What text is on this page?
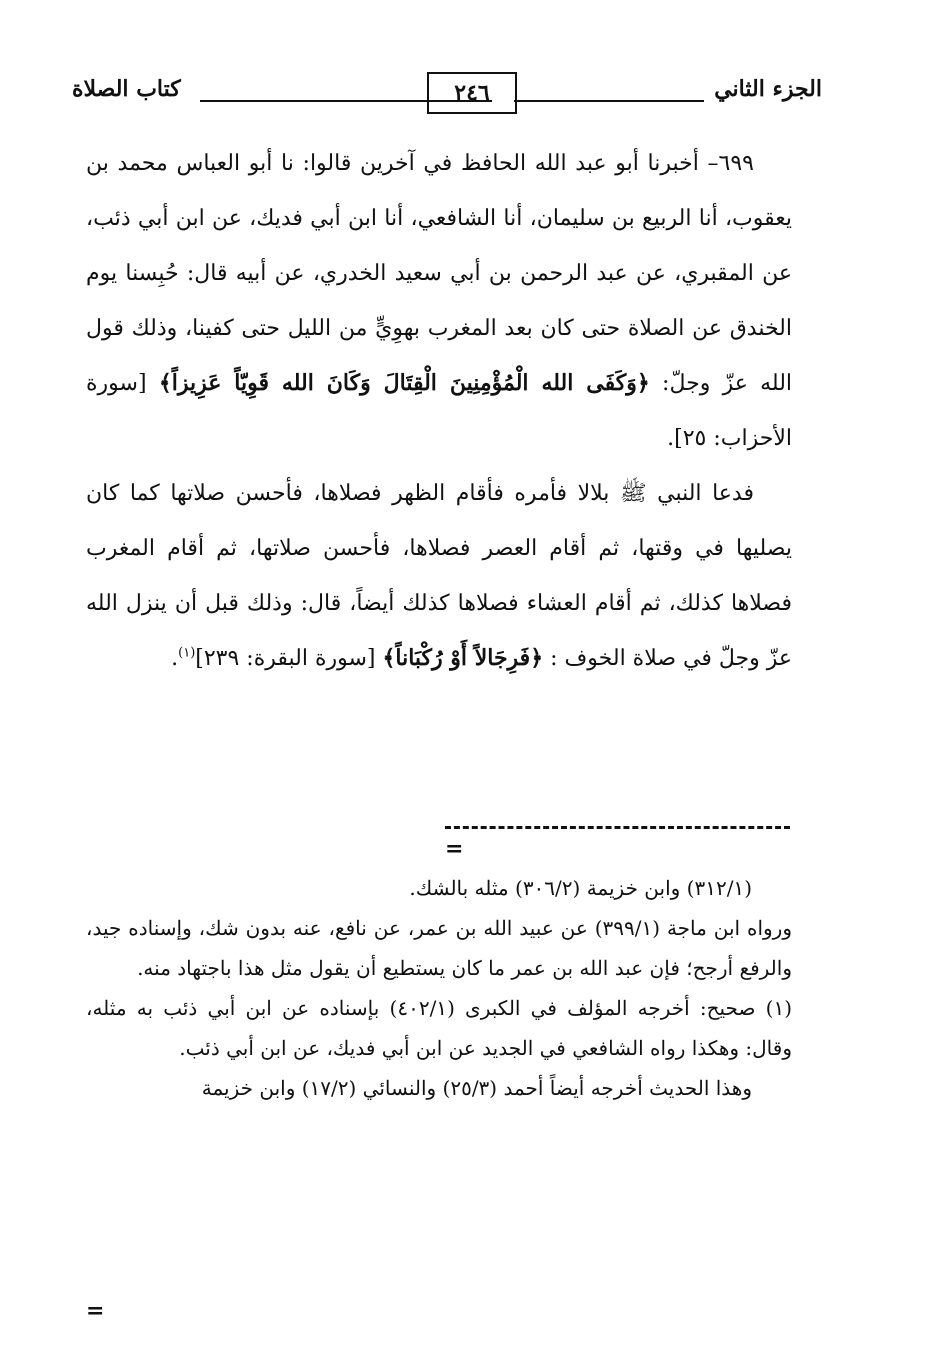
الجزء الثاني
٢٤٦
كتاب الصلاة

٦٩٩– أخبرنا أبو عبد الله الحافظ في آخرين قالوا: نا أبو العباس محمد بن يعقوب، أنا الربيع بن سليمان، أنا الشافعي، أنا ابن أبي فديك، عن ابن أبي ذئب، عن المقبري، عن عبد الرحمن بن أبي سعيد الخدري، عن أبيه قال: حُبِسنا يوم الخندق عن الصلاة حتى كان بعد المغرب بهوِيٍّ من الليل حتى كفينا، وذلك قول الله عزّ وجلّ: ﴿وَكَفَى الله الْمُؤْمِنِينَ الْقِتَالَ وَكَانَ الله قَوِيّاً عَزِيزاً﴾ [سورة الأحزاب: ٢٥].

فدعا النبي ﷺ بلالا فأمره فأقام الظهر فصلاها، فأحسن صلاتها كما كان يصليها في وقتها، ثم أقام العصر فصلاها، فأحسن صلاتها، ثم أقام المغرب فصلاها كذلك، ثم أقام العشاء فصلاها كذلك أيضاً، قال: وذلك قبل أن ينزل الله عزّ وجلّ في صلاة الخوف : ﴿فَرِجَالاً أَوْ رُكْبَاناً﴾ [سورة البقرة: ٢٣٩]$^{(١)}$.

=

(٣١٢/١) وابن خزيمة (٣٠٦/٢) مثله بالشك.

ورواه ابن ماجة (٣٩٩/١) عن عبيد الله بن عمر، عن نافع، عنه بدون شك، وإسناده جيد، والرفع أرجح؛ فإن عبد الله بن عمر ما كان يستطيع أن يقول مثل هذا باجتهاد منه.

(١) صحيح: أخرجه المؤلف في الكبرى (٤٠٢/١) بإسناده عن ابن أبي ذئب به مثله، وقال: وهكذا رواه الشافعي في الجديد عن ابن أبي فديك، عن ابن أبي ذئب.

وهذا الحديث أخرجه أيضاً أحمد (٢٥/٣) والنسائي (١٧/٢) وابن خزيمة

=
